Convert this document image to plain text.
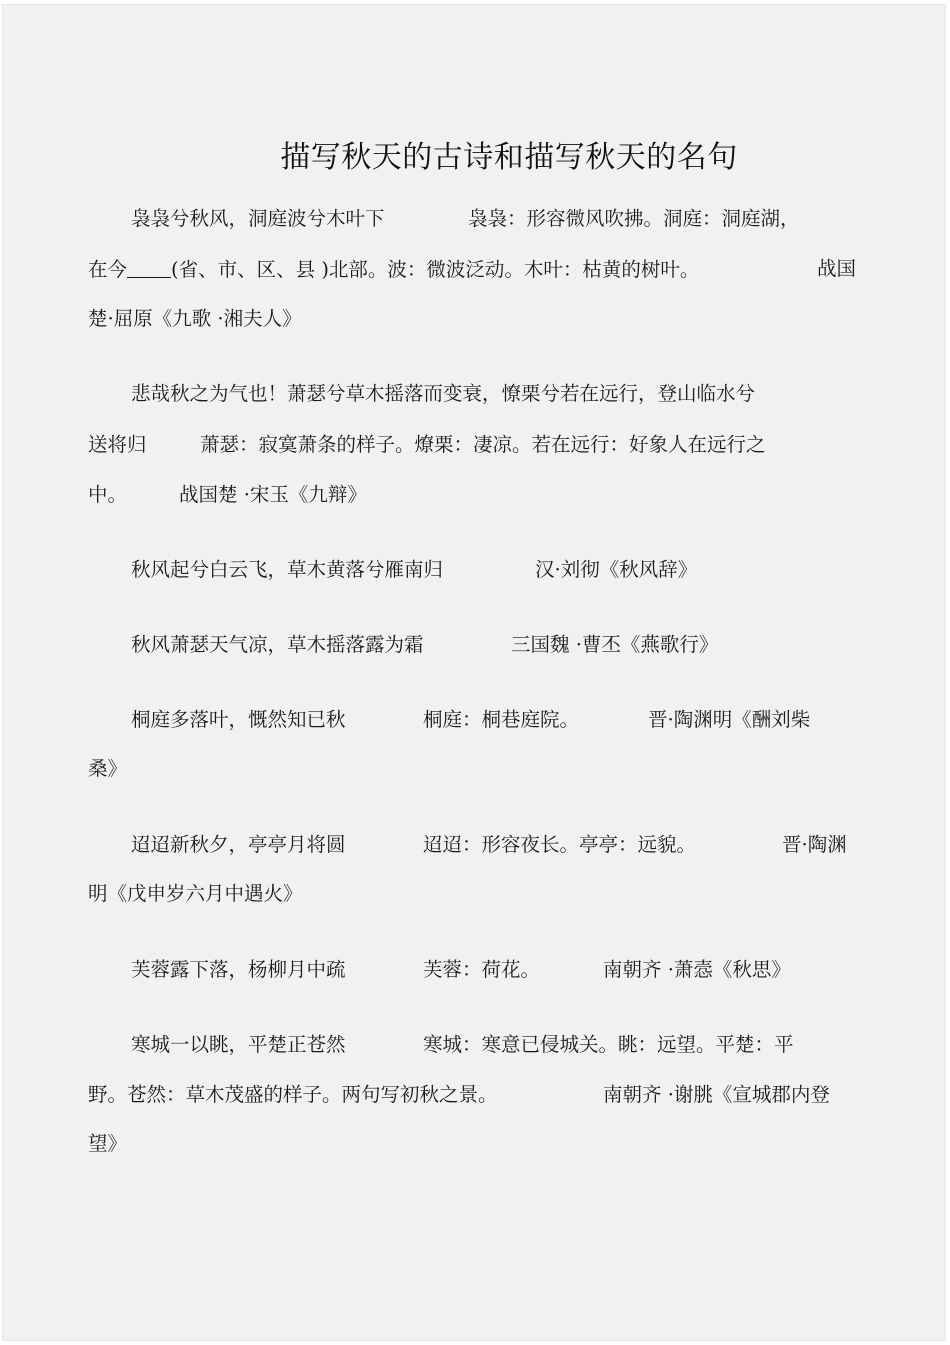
描写秋天的古诗和描写秋天的名句
袅袅兮秋风，洞庭波兮木叶下	袅袅：形容微风吹拂。洞庭：洞庭湖，
在今 (省、市、区、县 )北部。波：微波泛动。木叶：枯黄的树叶。	战国
楚·屈原《九歌 ·湘夫人》
悲哉秋之为气也！萧瑟兮草木摇落而变衰，憭栗兮若在远行，登山临水兮
送将归	萧瑟：寂寞萧条的样子。燎栗：凄凉。若在远行：好象人在远行之
中。	战国楚 ·宋玉《九辩》
秋风起兮白云飞，草木黄落兮雁南归	汉·刘彻《秋风辞》
秋风萧瑟天气凉，草木摇落露为霜	三国魏 ·曹丕《燕歌行》
桐庭多落叶，慨然知已秋	桐庭：桐巷庭院。	晋·陶渊明《酬刘柴
桑》
迢迢新秋夕，亭亭月将圆	迢迢：形容夜长。亭亭：远貌。	晋·陶渊
明《戊申岁六月中遇火》
芙蓉露下落，杨柳月中疏	芙蓉：荷花。	南朝齐 ·萧悫《秋思》
寒城一以眺，平楚正苍然	寒城：寒意已侵城关。眺：远望。平楚：平
野。苍然：草木茂盛的样子。两句写初秋之景。	南朝齐 ·谢朓《宣城郡内登
望》
